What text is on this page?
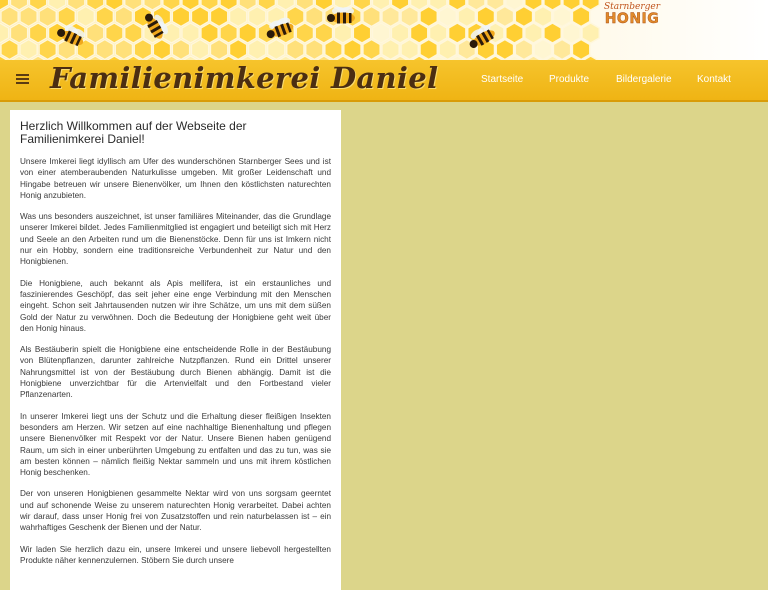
Starnberger
HONIG
Familienimkerei Daniel	Startseite	Produkte	Bildergalerie	Kontakt
Herzlich Willkommen auf der Webseite der Familienimkerei Daniel!

Unsere Imkerei liegt idyllisch am Ufer des wunderschönen Starnberger Sees und ist von einer atemberaubenden Naturkulisse umgeben. Mit großer Leidenschaft und Hingabe betreuen wir unsere Bienenvölker, um Ihnen den köstlichsten naturechten Honig anzubieten.

Was uns besonders auszeichnet, ist unser familiäres Miteinander, das die Grundlage unserer Imkerei bildet. Jedes Familienmitglied ist engagiert und beteiligt sich mit Herz und Seele an den Arbeiten rund um die Bienenstöcke. Denn für uns ist Imkern nicht nur ein Hobby, sondern eine traditionsreiche Verbundenheit zur Natur und den Honigbienen.

Die Honigbiene, auch bekannt als Apis mellifera, ist ein erstaunliches und faszinierendes Geschöpf, das seit jeher eine enge Verbindung mit den Menschen eingeht. Schon seit Jahrtausenden nutzen wir ihre Schätze, um uns mit dem süßen Gold der Natur zu verwöhnen. Doch die Bedeutung der Honigbiene geht weit über den Honig hinaus.

Als Bestäuberin spielt die Honigbiene eine entscheidende Rolle in der Bestäubung von Blütenpflanzen, darunter zahlreiche Nutzpflanzen. Rund ein Drittel unserer Nahrungsmittel ist von der Bestäubung durch Bienen abhängig. Damit ist die Honigbiene unverzichtbar für die Artenvielfalt und den Fortbestand vieler Pflanzenarten.

In unserer Imkerei liegt uns der Schutz und die Erhaltung dieser fleißigen Insekten besonders am Herzen. Wir setzen auf eine nachhaltige Bienenhaltung und pflegen unsere Bienenvölker mit Respekt vor der Natur. Unsere Bienen haben genügend Raum, um sich in einer unberührten Umgebung zu entfalten und das zu tun, was sie am besten können – nämlich fleißig Nektar sammeln und uns mit ihrem köstlichen Honig beschenken.

Der von unseren Honigbienen gesammelte Nektar wird von uns sorgsam geerntet und auf schonende Weise zu unserem naturechten Honig verarbeitet. Dabei achten wir darauf, dass unser Honig frei von Zusatzstoffen und rein naturbelassen ist – ein wahrhaftiges Geschenk der Bienen und der Natur.

Wir laden Sie herzlich dazu ein, unsere Imkerei und unsere liebevoll hergestellten Produkte näher kennenzulernen. Stöbern Sie durch unsere
